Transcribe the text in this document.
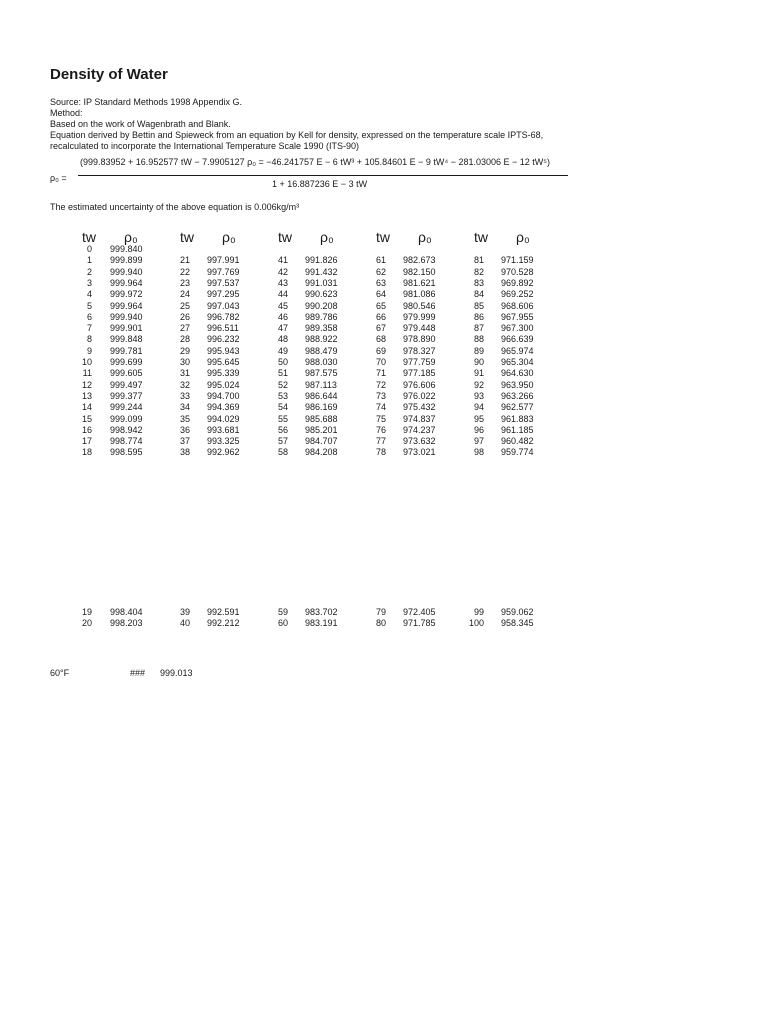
Density of Water
Source: IP Standard Methods 1998 Appendix G.
Method:
Based on the work of Wagenbrath and Blank.
Equation derived by Bettin and Spieweck from an equation by Kell for density, expressed on the temperature scale IPTS-68,
recalculated to incorporate the International Temperature Scale 1990 (ITS-90)
ρ₀ =
(999.83952 + 16.952577 tW − 7.9905127 ρ₀ = −46.241757 E − 6 tW³ + 105.84601 E − 9 tW⁴ − 281.03006 E − 12 tW⁵)
1 + 16.887236 E − 3 tW
The estimated uncertainty of the above equation is 0.006kg/m³
tw ρ₀
0 999.840
1 999.899
2 999.940
3 999.964
4 999.972
5 999.964
6 999.940
7 999.901
8 999.848
9 999.781
10 999.699
11 999.605
12 999.497
13 999.377
14 999.244
15 999.099
16 998.942
17 998.774
18 998.595
19 998.404
20 998.203
tw ρ₀
21 997.991
22 997.769
23 997.537
24 997.295
25 997.043
26 996.782
27 996.511
28 996.232
29 995.943
30 995.645
31 995.339
32 995.024
33 994.700
34 994.369
35 994.029
36 993.681
37 993.325
38 992.962
39 992.591
40 992.212
tw ρ₀
41 991.826
42 991.432
43 991.031
44 990.623
45 990.208
46 989.786
47 989.358
48 988.922
49 988.479
50 988.030
51 987.575
52 987.113
53 986.644
54 986.169
55 985.688
56 985.201
57 984.707
58 984.208
59 983.702
60 983.191
tw ρ₀
61 982.673
62 982.150
63 981.621
64 981.086
65 980.546
66 979.999
67 979.448
68 978.890
69 978.327
70 977.759
71 977.185
72 976.606
73 976.022
74 975.432
75 974.837
76 974.237
77 973.632
78 973.021
79 972.405
80 971.785
tw ρ₀
81 971.159
82 970.528
83 969.892
84 969.252
85 968.606
86 967.955
87 967.300
88 966.639
89 965.974
90 965.304
91 964.630
92 963.950
93 963.266
94 962.577
95 961.883
96 961.185
97 960.482
98 959.774
99 959.062
100 958.345
60°F	### 999.013
